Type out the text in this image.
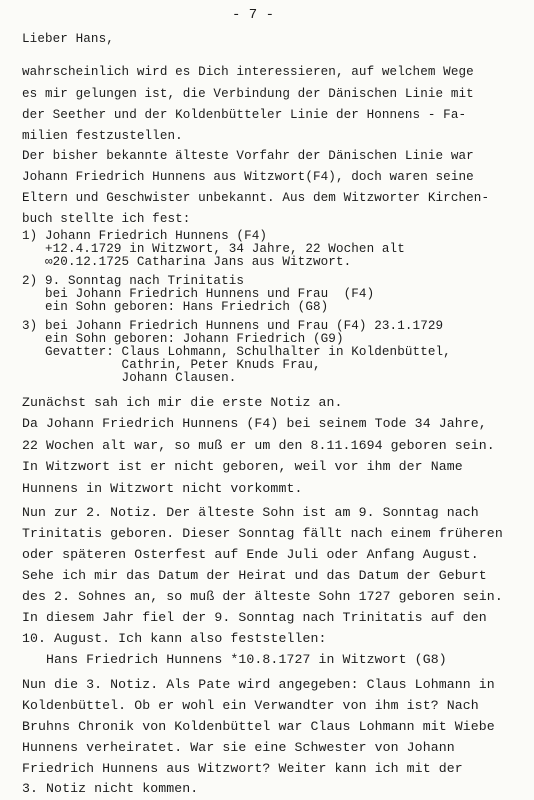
- 7 -
Lieber Hans,
wahrscheinlich wird es Dich interessieren, auf welchem Wege
es mir gelungen ist, die Verbindung der Dänischen Linie mit
der Seether und der Koldenbütteler Linie der Honnens - Fa-
milien festzustellen.
Der bisher bekannte älteste Vorfahr der Dänischen Linie war
Johann Friedrich Hunnens aus Witzwort(F4), doch waren seine
Eltern und Geschwister unbekannt. Aus dem Witzworter Kirchen-
buch stellte ich fest:
1) Johann Friedrich Hunnens (F4)
+12.4.1729 in Witzwort, 34 Jahre, 22 Wochen alt
∞20.12.1725 Catharina Jans aus Witzwort.
2) 9. Sonntag nach Trinitatis
bei Johann Friedrich Hunnens und Frau  (F4)
ein Sohn geboren: Hans Friedrich (G8)
3) bei Johann Friedrich Hunnens und Frau (F4) 23.1.1729
ein Sohn geboren: Johann Friedrich (G9)
Gevatter: Claus Lohmann, Schulhalter in Koldenbüttel,
Cathrin, Peter Knuds Frau,
Johann Clausen.
Zunächst sah ich mir die erste Notiz an.
Da Johann Friedrich Hunnens (F4) bei seinem Tode 34 Jahre,
22 Wochen alt war, so muß er um den 8.11.1694 geboren sein.
In Witzwort ist er nicht geboren, weil vor ihm der Name
Hunnens in Witzwort nicht vorkommt.
Nun zur 2. Notiz. Der älteste Sohn ist am 9. Sonntag nach
Trinitatis geboren. Dieser Sonntag fällt nach einem früheren
oder späteren Osterfest auf Ende Juli oder Anfang August.
Sehe ich mir das Datum der Heirat und das Datum der Geburt
des 2. Sohnes an, so muß der älteste Sohn 1727 geboren sein.
In diesem Jahr fiel der 9. Sonntag nach Trinitatis auf den
10. August. Ich kann also feststellen:
Hans Friedrich Hunnens *10.8.1727 in Witzwort (G8)
Nun die 3. Notiz. Als Pate wird angegeben: Claus Lohmann in
Koldenbüttel. Ob er wohl ein Verwandter von ihm ist? Nach
Bruhns Chronik von Koldenbüttel war Claus Lohmann mit Wiebe
Hunnens verheiratet. War sie eine Schwester von Johann
Friedrich Hunnens aus Witzwort? Weiter kann ich mit der
3. Notiz nicht kommen.
